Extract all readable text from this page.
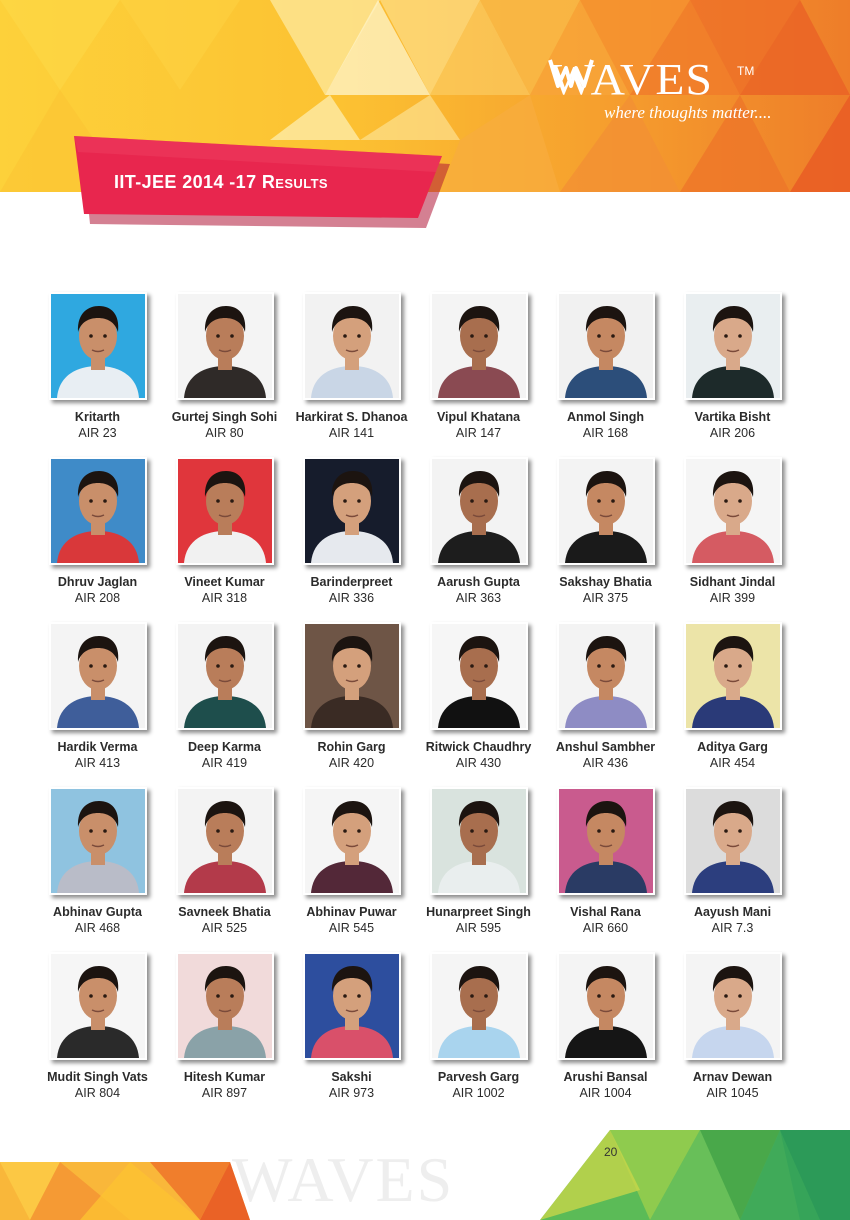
WAVES TM
where thoughts matter....
IIT-JEE 2014 -17 Results
Kritarth
AIR 23
Gurtej Singh Sohi
AIR 80
Harkirat S. Dhanoa
AIR 141
Vipul Khatana
AIR 147
Anmol Singh
AIR 168
Vartika Bisht
AIR 206
Dhruv Jaglan
AIR 208
Vineet Kumar
AIR 318
Barinderpreet
AIR 336
Aarush Gupta
AIR 363
Sakshay Bhatia
AIR 375
Sidhant Jindal
AIR 399
Hardik Verma
AIR 413
Deep Karma
AIR 419
Rohin Garg
AIR 420
Ritwick Chaudhry
AIR 430
Anshul Sambher
AIR 436
Aditya Garg
AIR 454
Abhinav Gupta
AIR 468
Savneek Bhatia
AIR 525
Abhinav Puwar
AIR 545
Hunarpreet Singh
AIR 595
Vishal Rana
AIR 660
Aayush Mani
AIR 7.3
Mudit Singh Vats
AIR 804
Hitesh Kumar
AIR 897
Sakshi
AIR 973
Parvesh Garg
AIR 1002
Arushi Bansal
AIR 1004
Arnav Dewan
AIR 1045
WAVES	20
